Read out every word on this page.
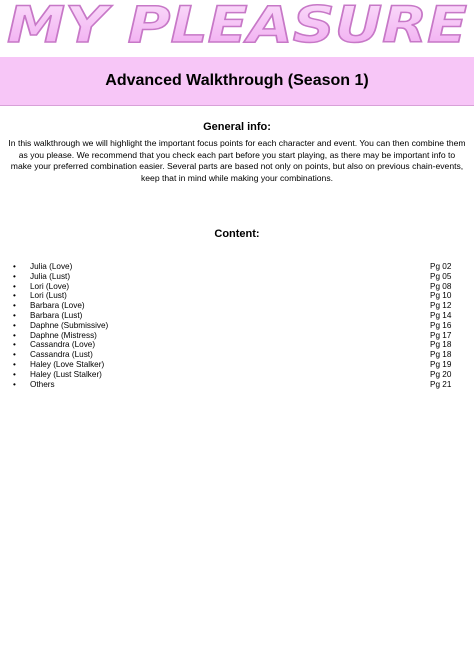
MY PLEASURE
Advanced Walkthrough (Season 1)
General info:
In this walkthrough we will highlight the important focus points for each character and event. You can then combine them as you please. We recommend that you check each part before you start playing, as there may be important info to make your preferred combination easier. Several parts are based not only on points, but also on previous chain-events, keep that in mind while making your combinations.
Content:
• Julia (Love)	Pg 02
• Julia (Lust)	Pg 05
• Lori (Love)	Pg 08
• Lori (Lust)	Pg 10
• Barbara (Love)	Pg 12
• Barbara (Lust)	Pg 14
• Daphne (Submissive)	Pg 16
• Daphne (Mistress)	Pg 17
• Cassandra (Love)	Pg 18
• Cassandra (Lust)	Pg 18
• Haley (Love Stalker)	Pg 19
• Haley (Lust Stalker)	Pg 20
• Others	Pg 21
